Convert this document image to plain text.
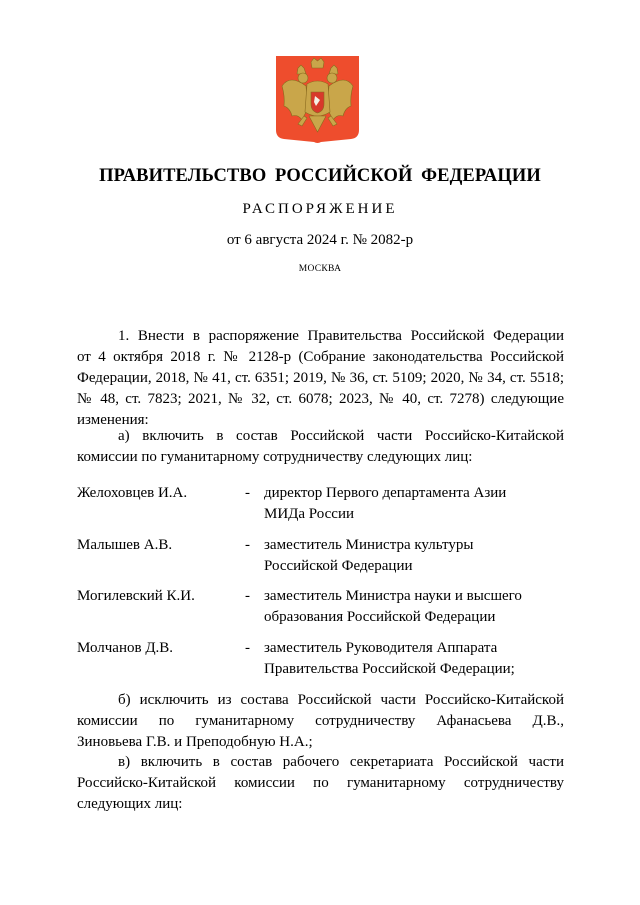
ПРАВИТЕЛЬСТВО РОССИЙСКОЙ ФЕДЕРАЦИИ
РАСПОРЯЖЕНИЕ
от 6 августа 2024 г. № 2082-р
МОСКВА
1. Внести в распоряжение Правительства Российской Федерации
от 4 октября 2018 г. № 2128-р (Собрание законодательства Российской
Федерации, 2018, № 41, ст. 6351; 2019, № 36, ст. 5109; 2020, № 34, ст. 5518;
№ 48, ст. 7823; 2021, № 32, ст. 6078; 2023, № 40, ст. 7278) следующие
изменения:
а) включить в состав Российской части Российско-Китайской
комиссии по гуманитарному сотрудничеству следующих лиц:
Желоховцев И.А.	- директор Первого департамента Азии
МИДа России
Малышев А.В.	- заместитель Министра культуры
Российской Федерации
Могилевский К.И.	- заместитель Министра науки и высшего
образования Российской Федерации
Молчанов Д.В.	- заместитель Руководителя Аппарата
Правительства Российской Федерации;
б) исключить из состава Российской части Российско-Китайской
комиссии по гуманитарному сотрудничеству Афанасьева Д.В.,
Зиновьева Г.В. и Преподобную Н.А.;
в) включить в состав рабочего секретариата Российской части
Российско-Китайской комиссии по гуманитарному сотрудничеству
следующих лиц:
